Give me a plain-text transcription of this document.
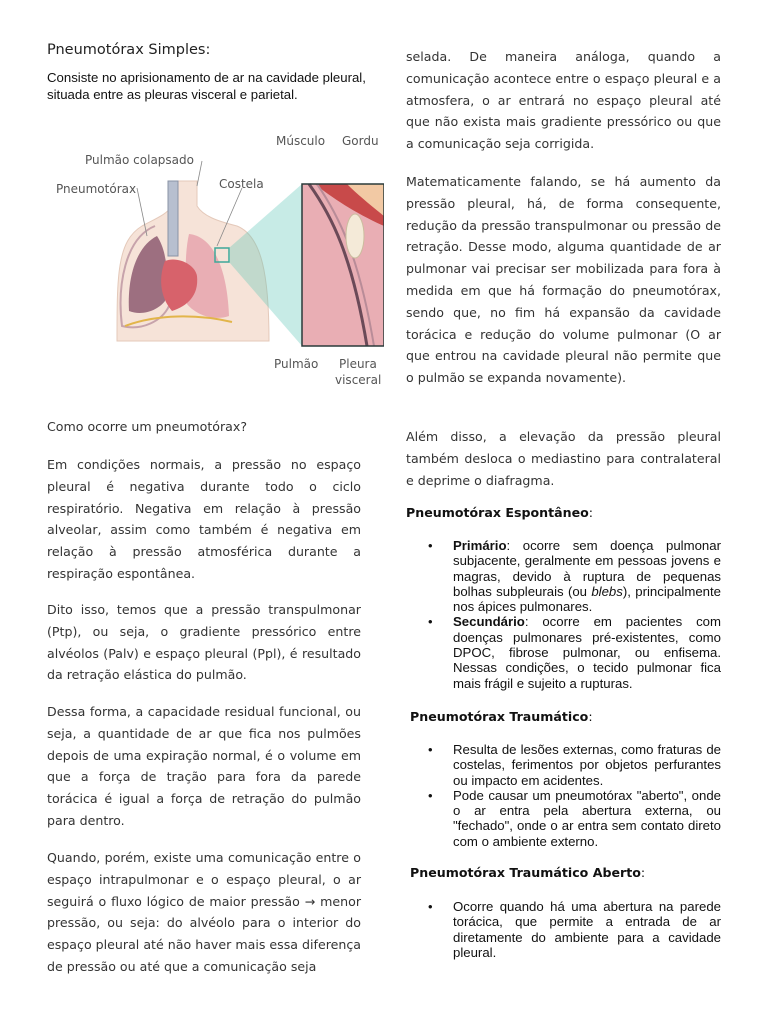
Pneumotórax Simples:
Consiste no aprisionamento de ar na cavidade pleural, situada entre as pleuras visceral e parietal.
Pulmão colapsado
Pneumotórax	Costela
Músculo Gordu
Pulmão Pleura
visceral
Como ocorre um pneumotórax?

Em condições normais, a pressão no espaço pleural é negativa durante todo o ciclo respiratório. Negativa em relação à pressão alveolar, assim como também é negativa em relação à pressão atmosférica durante a respiração espontânea.

Dito isso, temos que a pressão transpulmonar (Ptp), ou seja, o gradiente pressórico entre alvéolos (Palv) e espaço pleural (Ppl), é resultado da retração elástica do pulmão.

Dessa forma, a capacidade residual funcional, ou seja, a quantidade de ar que fica nos pulmões depois de uma expiração normal, é o volume em que a força de tração para fora da parede torácica é igual a força de retração do pulmão para dentro.

Quando, porém, existe uma comunicação entre o espaço intrapulmonar e o espaço pleural, o ar seguirá o fluxo lógico de maior pressão → menor pressão, ou seja: do alvéolo para o interior do espaço pleural até não haver mais essa diferença de pressão ou até que a comunicação seja

selada. De maneira análoga, quando a comunicação acontece entre o espaço pleural e a atmosfera, o ar entrará no espaço pleural até que não exista mais gradiente pressórico ou que a comunicação seja corrigida.

Matematicamente falando, se há aumento da pressão pleural, há, de forma consequente, redução da pressão transpulmonar ou pressão de retração. Desse modo, alguma quantidade de ar pulmonar vai precisar ser mobilizada para fora à medida em que há formação do pneumotórax, sendo que, no fim há expansão da cavidade torácica e redução do volume pulmonar (O ar que entrou na cavidade pleural não permite que o pulmão se expanda novamente).

Além disso, a elevação da pressão pleural também desloca o mediastino para contralateral e deprime o diafragma.

Pneumotórax Espontâneo:
• Primário: ocorre sem doença pulmonar subjacente, geralmente em pessoas jovens e magras, devido à ruptura de pequenas bolhas subpleurais (ou blebs), principalmente nos ápices pulmonares.
• Secundário: ocorre em pacientes com doenças pulmonares pré-existentes, como DPOC, fibrose pulmonar, ou enfisema. Nessas condições, o tecido pulmonar fica mais frágil e sujeito a rupturas.
Pneumotórax Traumático:
• Resulta de lesões externas, como fraturas de costelas, ferimentos por objetos perfurantes ou impacto em acidentes.
• Pode causar um pneumotórax "aberto", onde o ar entra pela abertura externa, ou "fechado", onde o ar entra sem contato direto com o ambiente externo.
Pneumotórax Traumático Aberto:
• Ocorre quando há uma abertura na parede torácica, que permite a entrada de ar diretamente do ambiente para a cavidade pleural.
